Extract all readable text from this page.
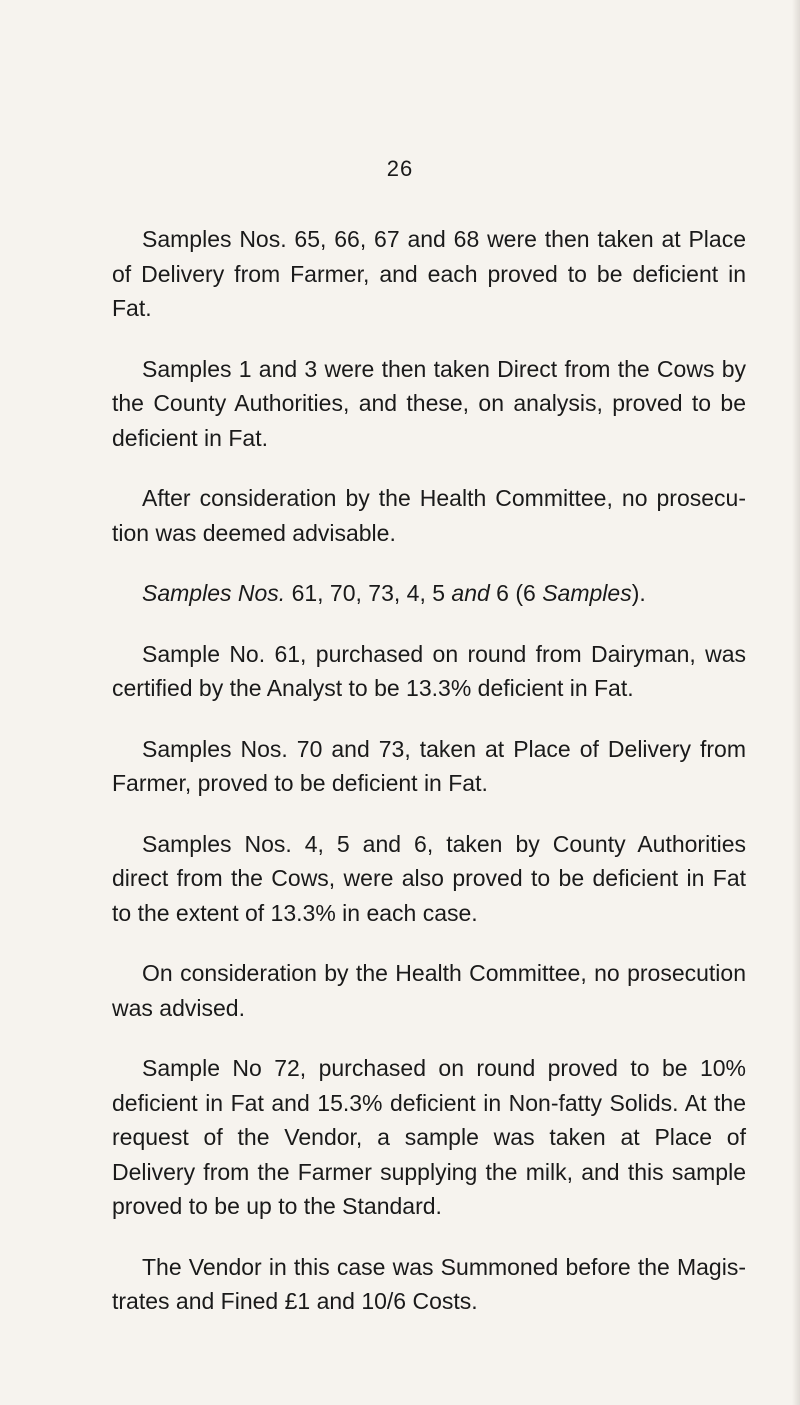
26

Samples Nos. 65, 66, 67 and 68 were then taken at Place of Delivery from Farmer, and each proved to be deficient in Fat.

Samples 1 and 3 were then taken Direct from the Cows by the County Authorities, and these, on analysis, proved to be deficient in Fat.

After consideration by the Health Committee, no prosecu-tion was deemed advisable.

Samples Nos. 61, 70, 73, 4, 5 and 6 (6 Samples).

Sample No. 61, purchased on round from Dairyman, was certified by the Analyst to be 13.3% deficient in Fat.

Samples Nos. 70 and 73, taken at Place of Delivery from Farmer, proved to be deficient in Fat.

Samples Nos. 4, 5 and 6, taken by County Authorities direct from the Cows, were also proved to be deficient in Fat to the extent of 13.3% in each case.

On consideration by the Health Committee, no prosecution was advised.

Sample No 72, purchased on round proved to be 10% deficient in Fat and 15.3% deficient in Non-fatty Solids. At the request of the Vendor, a sample was taken at Place of Delivery from the Farmer supplying the milk, and this sample proved to be up to the Standard.

The Vendor in this case was Summoned before the Magis-trates and Fined £1 and 10/6 Costs.
